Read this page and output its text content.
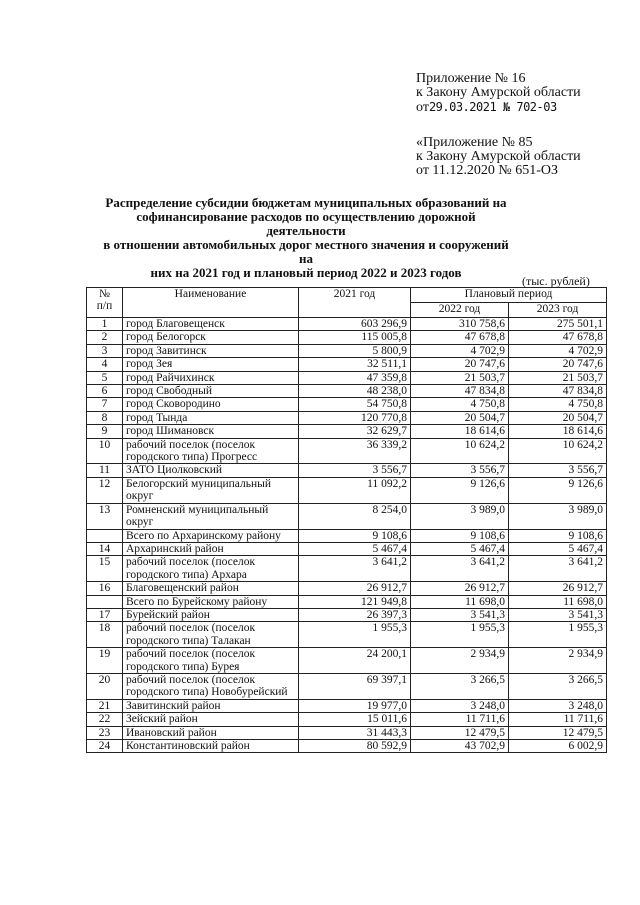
Приложение № 16
к Закону Амурской области
от29.03.2021 № 702-03
«Приложение № 85
к Закону Амурской области
от 11.12.2020 № 651-ОЗ
Распределение субсидии бюджетам муниципальных образований на
софинансирование расходов по осуществлению дорожной деятельности
в отношении автомобильных дорог местного значения и сооружений на
них на 2021 год и плановый период 2022 и 2023 годов
(тыс. рублей)
№
п/п	Наименование	2021 год	Плановый период	
			2022 год	2023 год
1	город Благовещенск	603 296,9	310 758,6	275 501,1
2	город Белогорск	115 005,8	47 678,8	47 678,8
3	город Завитинск	5 800,9	4 702,9	4 702,9
4	город Зея	32 511,1	20 747,6	20 747,6
5	город Райчихинск	47 359,8	21 503,7	21 503,7
6	город Свободный	48 238,0	47 834,8	47 834,8
7	город Сковородино	54 750,8	4 750,8	4 750,8
8	город Тында	120 770,8	20 504,7	20 504,7
9	город Шимановск	32 629,7	18 614,6	18 614,6
10	рабочий поселок (поселок городского типа) Прогресс	36 339,2	10 624,2	10 624,2
11	ЗАТО Циолковский	3 556,7	3 556,7	3 556,7
12	Белогорский муниципальный округ	11 092,2	9 126,6	9 126,6
13	Ромненский муниципальный округ	8 254,0	3 989,0	3 989,0
	Всего по Архаринскому району	9 108,6	9 108,6	9 108,6
14	Архаринский район	5 467,4	5 467,4	5 467,4
15	рабочий поселок (поселок городского типа) Архара	3 641,2	3 641,2	3 641,2
16	Благовещенский район	26 912,7	26 912,7	26 912,7
	Всего по Бурейскому району	121 949,8	11 698,0	11 698,0
17	Бурейский район	26 397,3	3 541,3	3 541,3
18	рабочий поселок (поселок городского типа) Талакан	1 955,3	1 955,3	1 955,3
19	рабочий поселок (поселок городского типа) Бурея	24 200,1	2 934,9	2 934,9
20	рабочий поселок (поселок городского типа) Новобурейский	69 397,1	3 266,5	3 266,5
21	Завитинский район	19 977,0	3 248,0	3 248,0
22	Зейский район	15 011,6	11 711,6	11 711,6
23	Ивановский район	31 443,3	12 479,5	12 479,5
24	Константиновский район	80 592,9	43 702,9	6 002,9
